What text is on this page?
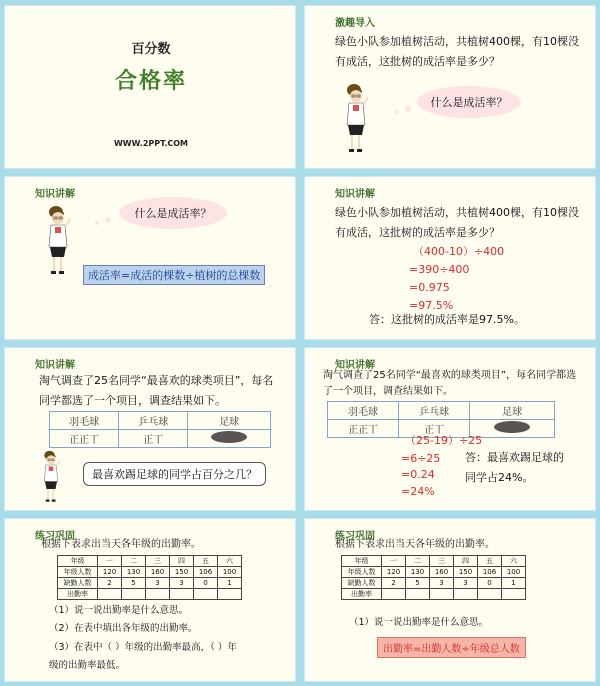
百分数
合格率
WWW.2PPT.COM
激趣导入
绿色小队参加植树活动，共植树400棵，有10棵没
有成活，这批树的成活率是多少？
什么是成活率？
知识讲解
什么是成活率？
成活率=成活的棵数÷植树的总棵数
知识讲解
绿色小队参加植树活动，共植树400棵，有10棵没
有成活，这批树的成活率是多少？
（400-10）÷400
=390÷400
=0.975
=97.5%
答：这批树的成活率是97.5%。
知识讲解
淘气调查了25名同学“最喜欢的球类项目”，每名
同学都选了一个项目，调查结果如下。
羽毛球	乒乓球	足球
正正丅	正丅	
最喜欢踢足球的同学占百分之几？
知识讲解
淘气调查了25名同学“最喜欢的球类项目”，每名同学都选
了一个项目，调查结果如下。
羽毛球	乒乓球	足球
正正丅	正丅	
（25-19）÷25
=6÷25
=0.24
=24%
答：最喜欢踢足球的
同学占24%。
练习巩固
根据下表求出当天各年级的出勤率。
年级	一	二	三	四	五	六
年级人数	120	130	160	150	106	100
缺勤人数	2	5	3	3	0	1
出勤率						
（1）说一说出勤率是什么意思。
（2）在表中填出各年级的出勤率。
（3）在表中（ ）年级的出勤率最高，（ ）年
级的出勤率最低。
练习巩固
根据下表求出当天各年级的出勤率。
年级	一	二	三	四	五	六
年级人数	120	130	160	150	106	100
缺勤人数	2	5	3	3	0	1
出勤率						
（1）说一说出勤率是什么意思。
出勤率=出勤人数÷年级总人数
